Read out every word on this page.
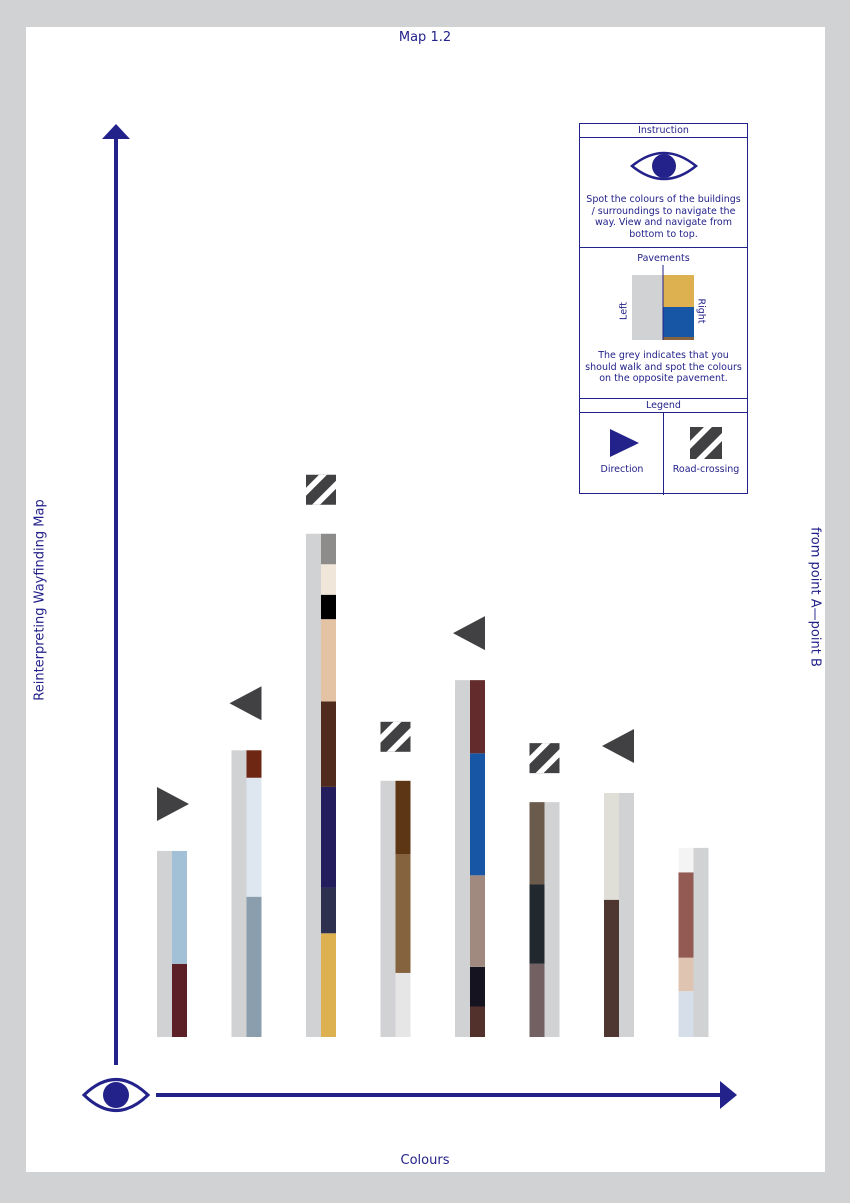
Map 1.2
Colours
Reinterpreting Wayfinding Map	from point A—point B
Instruction
Spot the colours of the buildings / surroundings to navigate the way. View and navigate from bottom to top.
Pavements
Left	Right
The grey indicates that you should walk and spot the colours on the opposite pavement.
Legend
Direction	Road-crossing
